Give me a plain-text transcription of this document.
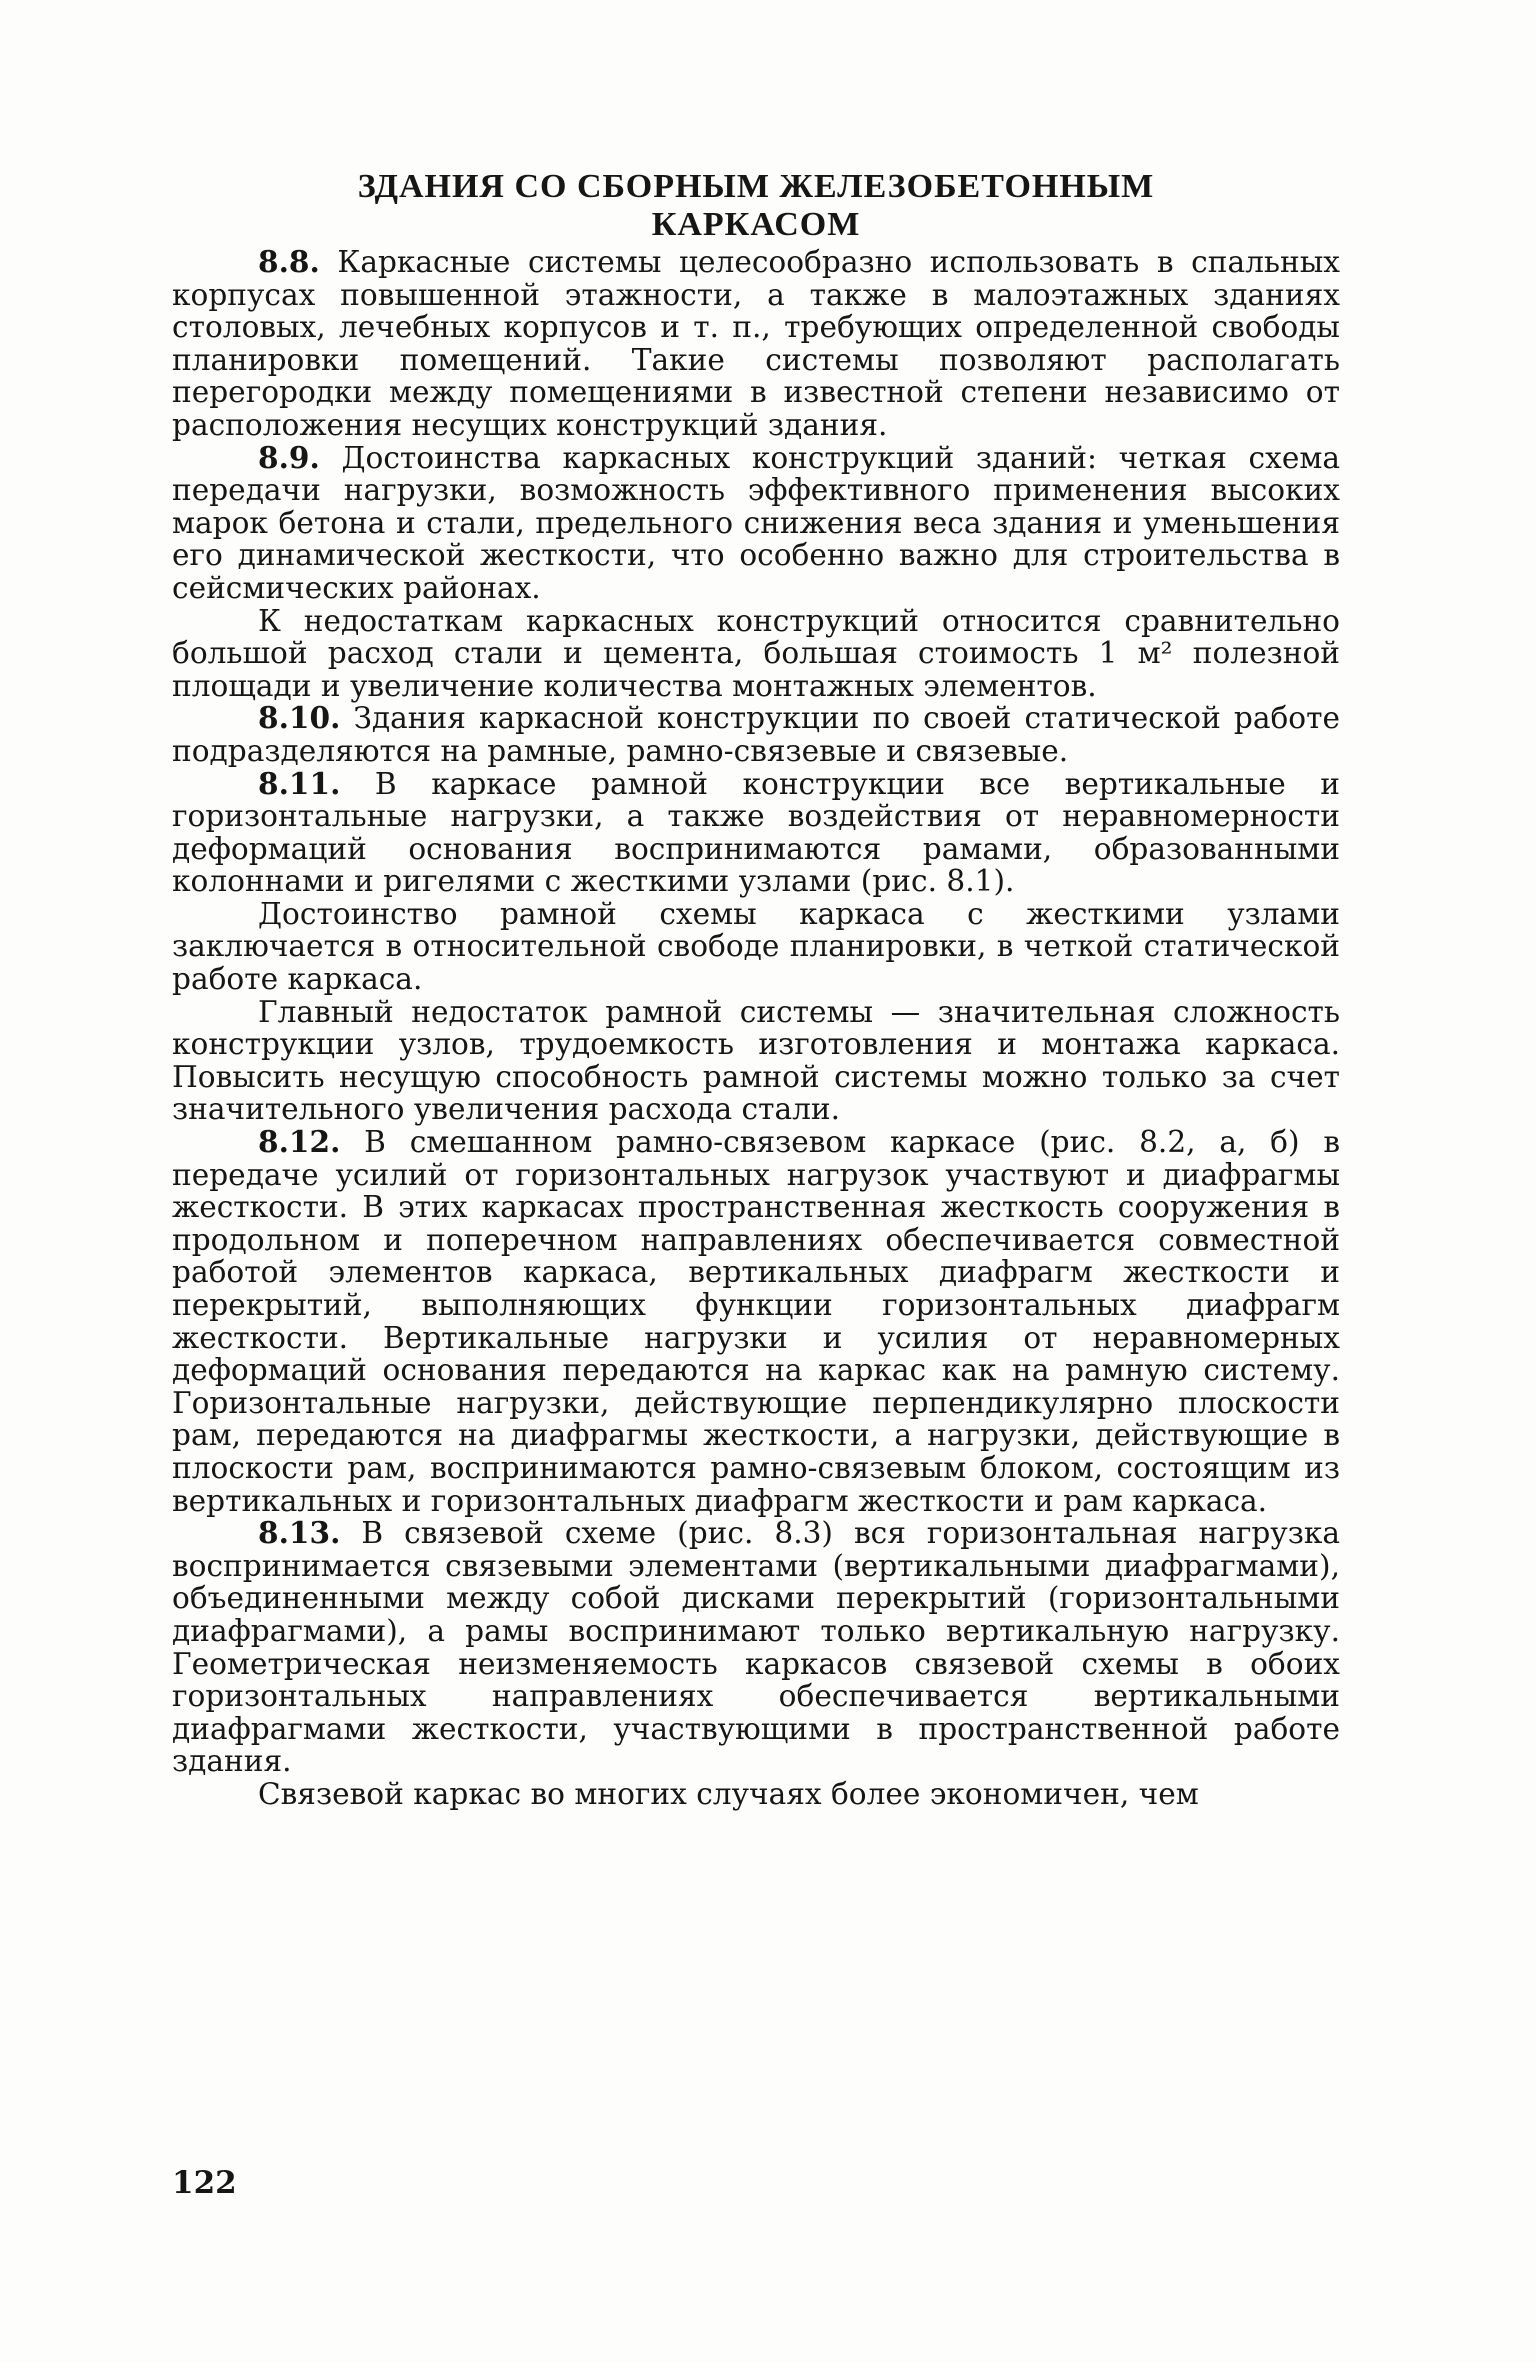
ЗДАНИЯ СО СБОРНЫМ ЖЕЛЕЗОБЕТОННЫМ
КАРКАСОМ

8.8. Каркасные системы целесообразно использовать в спальных корпусах повышенной этажности, а также в малоэтажных зданиях столовых, лечебных корпусов и т. п., требующих определенной свободы планировки помещений. Такие системы позволяют располагать перегородки между помещениями в известной степени независимо от расположения несущих конструкций здания.

8.9. Достоинства каркасных конструкций зданий: четкая схема передачи нагрузки, возможность эффективного применения высоких марок бетона и стали, предельного снижения веса здания и уменьшения его динамической жесткости, что особенно важно для строительства в сейсмических районах.

К недостаткам каркасных конструкций относится сравнительно большой расход стали и цемента, большая стоимость 1 м² полезной площади и увеличение количества монтажных элементов.

8.10. Здания каркасной конструкции по своей статической работе подразделяются на рамные, рамно-связевые и связевые.

8.11. В каркасе рамной конструкции все вертикальные и горизонтальные нагрузки, а также воздействия от неравномерности деформаций основания воспринимаются рамами, образованными колоннами и ригелями с жесткими узлами (рис. 8.1).

Достоинство рамной схемы каркаса с жесткими узлами заключается в относительной свободе планировки, в четкой статической работе каркаса.

Главный недостаток рамной системы — значительная сложность конструкции узлов, трудоемкость изготовления и монтажа каркаса. Повысить несущую способность рамной системы можно только за счет значительного увеличения расхода стали.

8.12. В смешанном рамно-связевом каркасе (рис. 8.2, а, б) в передаче усилий от горизонтальных нагрузок участвуют и диафрагмы жесткости. В этих каркасах пространственная жесткость сооружения в продольном и поперечном направлениях обеспечивается совместной работой элементов каркаса, вертикальных диафрагм жесткости и перекрытий, выполняющих функции горизонтальных диафрагм жесткости. Вертикальные нагрузки и усилия от неравномерных деформаций основания передаются на каркас как на рамную систему. Горизонтальные нагрузки, действующие перпендикулярно плоскости рам, передаются на диафрагмы жесткости, а нагрузки, действующие в плоскости рам, воспринимаются рамно-связевым блоком, состоящим из вертикальных и горизонтальных диафрагм жесткости и рам каркаса.

8.13. В связевой схеме (рис. 8.3) вся горизонтальная нагрузка воспринимается связевыми элементами (вертикальными диафрагмами), объединенными между собой дисками перекрытий (горизонтальными диафрагмами), а рамы воспринимают только вертикальную нагрузку. Геометрическая неизменяемость каркасов связевой схемы в обоих горизонтальных направлениях обеспечивается вертикальными диафрагмами жесткости, участвующими в пространственной работе здания.

Связевой каркас во многих случаях более экономичен, чем

122
